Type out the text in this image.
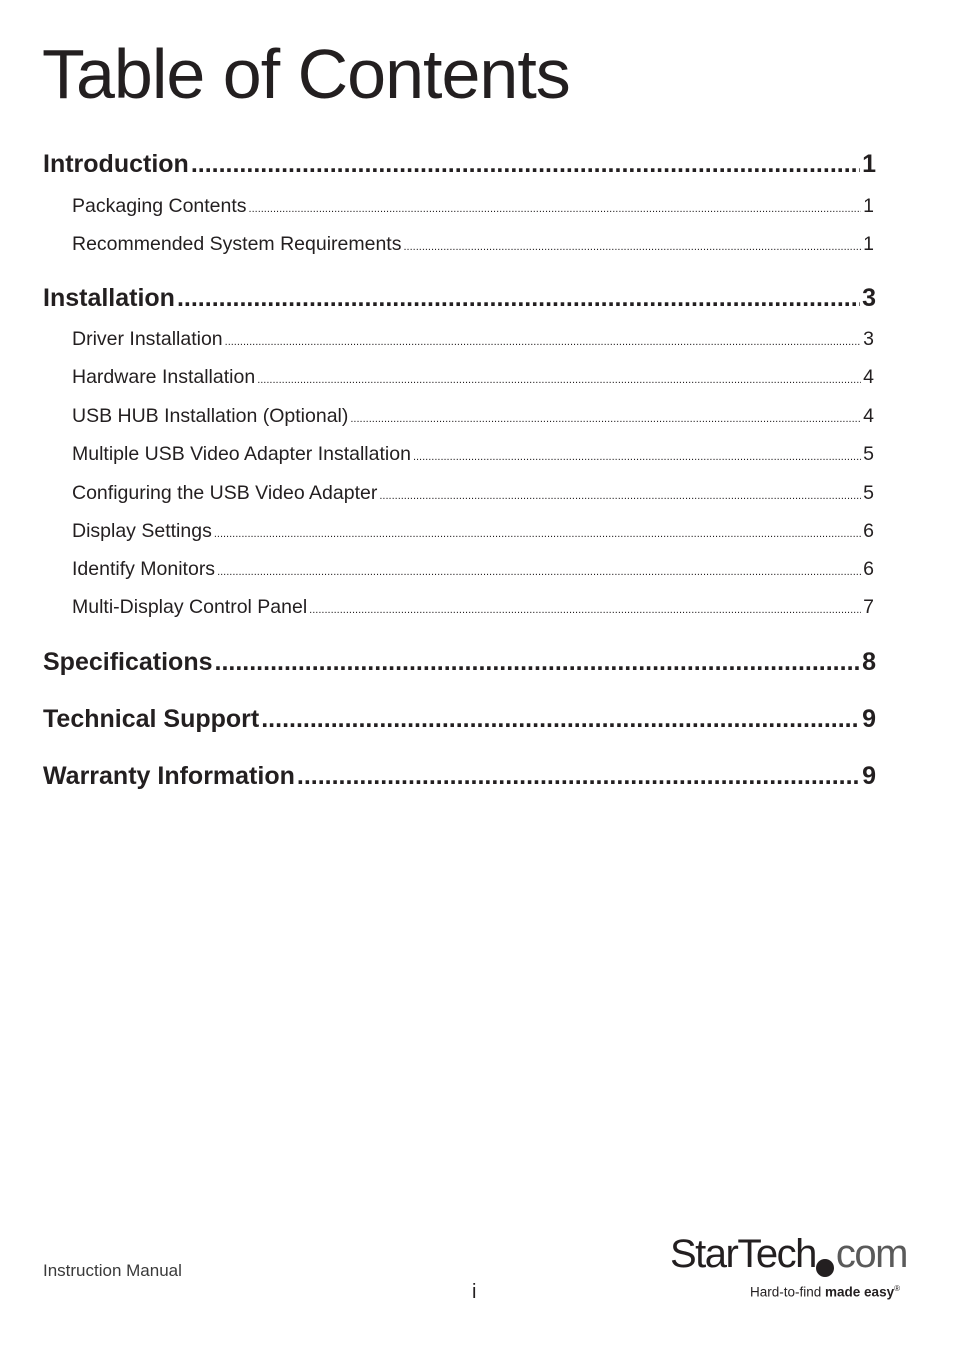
Table of Contents
Introduction .....	1
Packaging Contents .....	1
Recommended System Requirements .....	1
Installation .....	3
Driver Installation .....	3
Hardware Installation .....	4
USB HUB Installation (Optional) .....	4
Multiple USB Video Adapter Installation .....	5
Configuring the USB Video Adapter .....	5
Display Settings .....	6
Identify Monitors .....	6
Multi-Display Control Panel .....	7
Specifications .....	8
Technical Support .....	9
Warranty Information .....	9
Instruction Manual
i
StarTech com
Hard-to-find made easy®
